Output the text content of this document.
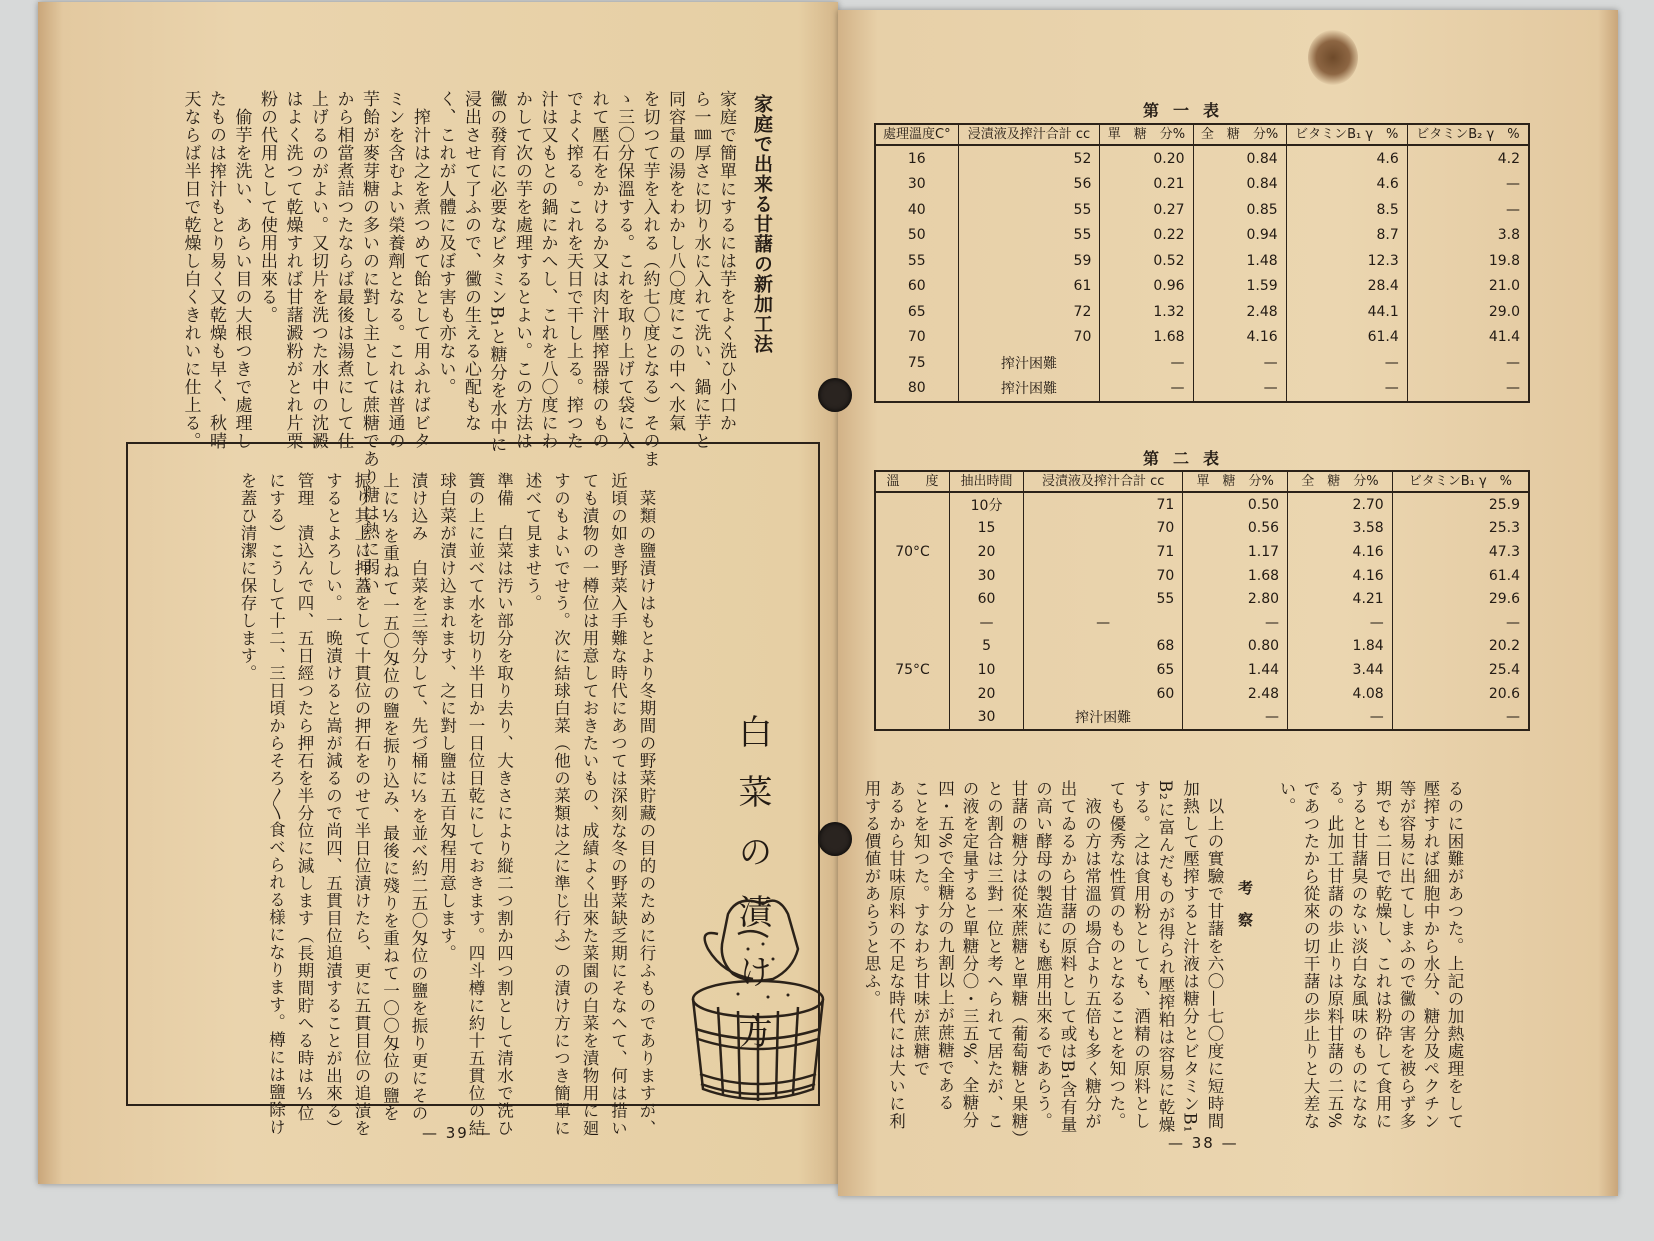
家庭で簡單にするには芋をよく洗ひ小口か
ら一㎜厚さに切り水に入れて洗い、鍋に芋と
同容量の湯をわかし八〇度にこの中へ水氣
を切つて芋を入れる（約七〇度となる）そのま
ゝ三〇分保溫する。これを取り上げて袋に入
れて壓石をかけるか又は肉汁壓搾器様のもの
でよく搾る。これを天日で干し上る。搾つた
汁は又もとの鍋にかへし、これを八〇度にわ
かして次の芋を處理するとよい。この方法は
黴の發育に必要なビタミンB₁と糖分を水中に
浸出させて了ふので、黴の生える心配もな
く、これが人體に及ぼす害も亦ない。
　搾汁は之を煮つめて飴として用ふればビタ
ミンを含むよい榮養劑となる。これは普通の
芋飴が麥芽糖の多いのに對し主として蔗糖であり糖は熱に弱い
から相當煮詰つたならば最後は湯煮にして仕
上げるのがよい。又切片を洗つた水中の沈澱
はよく洗つて乾燥すれば甘藷澱粉がとれ片栗
粉の代用として使用出來る。
　偷芋を洗い、あらい目の大根つきで處理し
たものは搾汁もとり易く又乾燥も早く、秋晴
天ならば半日で乾燥し白くきれいに仕上る。	家庭で出来る甘藷の新加工法
白菜の漬け方
　菜類の鹽漬けはもとより冬期間の野菜貯藏の目的のために行ふものでありますが、
近頃の如き野菜入手難な時代にあつては深刻な冬の野菜缺乏期にそなへて、何は措い
ても漬物の一樽位は用意しておきたいもの、成績よく出來た菜園の白菜を漬物用に廻
すのもよいでせう。次に結球白菜（他の菜類は之に準じ行ふ）の漬け方につき簡單に
述べて見ませう。
準備　白菜は汚い部分を取り去り、大きさにより縦二つ割か四つ割として清水で洗ひ
簀の上に並べて水を切り半日か一日位日乾にしておきます。四斗樽に約十五貫位の結
球白菜が漬け込まれます、之に對し鹽は五百匁程用意します。
漬け込み　白菜を三等分して、先づ桶に⅓を並べ約二五〇匁位の鹽を振り更にその
上に⅓を重ねて一五〇匁位の鹽を振り込み、最後に殘りを重ねて一〇〇匁位の鹽を
振り其上に押蓋をして十貫位の押石をのせて半日位漬けたら、更に五貫目位の追漬を
するとよろしい。一晩漬けると嵩が減るので尚四、五貫目位追漬することが出來る）
管理　漬込んで四、五日經つたら押石を半分位に減します（長期間貯へる時は⅓位
にする）こうして十二、三日頃からそろ〳〵食べられる様になります。樽には鹽除け
を蓋ひ清潔に保存します。
— 39 —
第一表
處理溫度C°	浸漬液及搾汁合計 cc	單　糖　分%	全　糖　分%	ビタミンB₁ γ　%	ビタミンB₂ γ　%
16	52	0.20	0.84	4.6	4.2
30	56	0.21	0.84	4.6	—
40	55	0.27	0.85	8.5	—
50	55	0.22	0.94	8.7	3.8
55	59	0.52	1.48	12.3	19.8
60	61	0.96	1.59	28.4	21.0
65	72	1.32	2.48	44.1	29.0
70	70	1.68	4.16	61.4	41.4
75	搾汁困難	—	—	—	—
80	搾汁困難	—	—	—	—
第二表
溫　　度	抽出時間	浸漬液及搾汁合計 cc	單　糖　分%	全　糖　分%	ビタミンB₁ γ　%
	10分	71	0.50	2.70	25.9
	15	70	0.56	3.58	25.3
70°C	20	71	1.17	4.16	47.3
	30	70	1.68	4.16	61.4
	60	55	2.80	4.21	29.6
	—	—	—	—	—
	5	68	0.80	1.84	20.2
75°C	10	65	1.44	3.44	25.4
	20	60	2.48	4.08	20.6
	30	搾汁困難	—	—	—
るのに困難があつた。上記の加熱處理をして
壓搾すれば細胞中から水分、糖分及ペクチン
等が容易に出てしまふので黴の害を被らず多
期でも二日で乾燥し、これは粉砕して食用に
すると甘藷臭のない淡白な風味のものになな
る。此加工甘藷の歩止りは原料甘藷の二五%
であつたから從來の切干藷の歩止りと大差な
い。
考　察
　以上の實驗で甘藷を六〇—七〇度に短時間
加熱して壓搾すると汁液は糖分とビタミンB₁
B₂に富んだものが得られ壓搾粕は容易に乾燥
する。之は食用粉としても、酒精の原料とし
ても優秀な性質のものとなることを知つた。
　液の方は常溫の場合より五倍も多く糖分が
出てゐるから甘藷の原料として或はB₁含有量
の高い酵母の製造にも應用出來るであらう。
甘藷の糖分は從來蔗糖と單糖（葡萄糖と果糖）
との割合は三對一位と考へられて居たが、こ
の液を定量すると單糖分〇・三五%、全糖分
四・五%で全糖分の九割以上が蔗糖である
ことを知つた。すなわち甘味が蔗糖で
あるから甘味原料の不足な時代には大いに利
用する價値があらうと思ふ。
— 38 —
